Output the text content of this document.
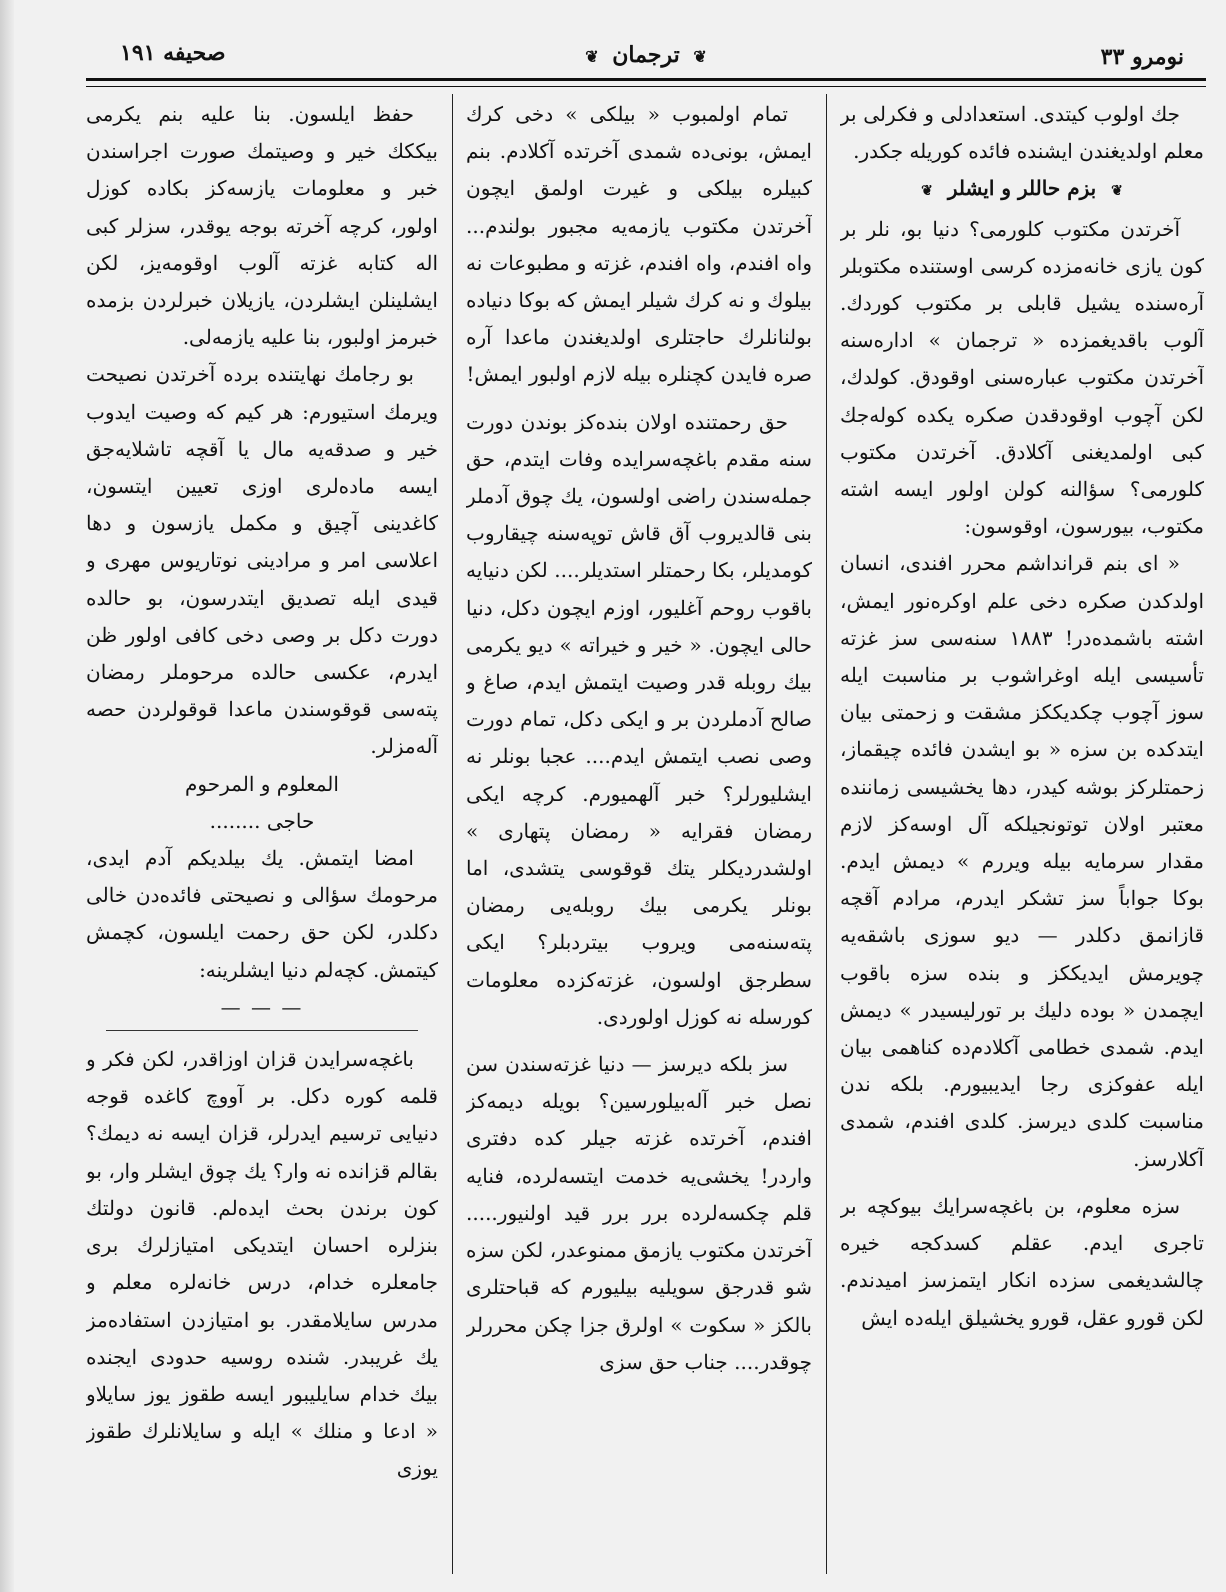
۱۹۱ صحیفه	❦ ترجمان ❦	نومرو ۳۳

جك اولوب كيتدى. استعدادلى و فكرلى بر معلم اولديغندن ايشنده فائده كوريله جكدر.

❦ بزم حاللر و ايشلر ❦

آخرتدن مكتوب كلورمى؟ دنيا بو، نلر بر كون يازى خانه‌مزده كرسى اوستنده مكتوبلر آره‌سنده يشيل قابلى بر مكتوب كوردك. آلوب باقديغمزده « ترجمان » اداره‌سنه آخرتدن مكتوب عباره‌سنى اوقودق. كولدك، لكن آچوب اوقودقدن صكره يكده كوله‌جك كبى اولمديغنى آكلادق. آخرتدن مكتوب كلورمى؟ سؤالنه كولن اولور ايسه اشته مكتوب، بيورسون، اوقوسون:

« اى بنم قرانداشم محرر افندى، انسان اولدكدن صكره دخى علم اوكره‌نور ايمش، اشته باشمده‌در! ۱۸۸۳ سنه‌سى سز غزته تأسيسى ايله اوغراشوب بر مناسبت ايله سوز آچوب چكديككز مشقت و زحمتى بيان ايتدكده بن سزه « بو ايشدن فائده چيقماز، زحمتلركز بوشه كيدر، دها يخشيسى زماننده معتبر اولان توتونجيلكه آل اوسه‌كز لازم مقدار سرمايه بيله ويررم » ديمش ايدم. بوكا جواباً سز تشكر ايدرم، مرادم آقچه قازانمق دكلدر — ديو سوزى باشقه‌يه چويرمش ايديككز و بنده سزه باقوب ايچمدن « بوده دليك بر تورليسيدر » ديمش ايدم. شمدى خطامى آكلادم‌ده كناهمى بيان ايله عفوكزى رجا ايديبيورم. بلكه ندن مناسبت كلدى ديرسز. كلدى افندم، شمدى آكلارسز.

سزه معلوم، بن باغچه‌سرايك بيوكچه بر تاجرى ايدم. عقلم كسدكجه خيره چالشديغمى سزده انكار ايتمزسز اميدندم. لكن قورو عقل، قورو يخشيلق ايله‌ده ايش

تمام اولمبوب « بيلكى » دخى كرك ايمش، بونى‌ده شمدى آخرتده آكلادم. بنم كبيلره بيلكى و غيرت اولمق ايچون آخرتدن مكتوب يازمه‌يه مجبور بولندم... واه افندم، واه افندم، غزته و مطبوعات نه بيلوك و نه كرك شيلر ايمش كه بوكا دنياده بولنانلرك حاجتلرى اولديغندن ماعدا آره صره فايدن كچنلره بيله لازم اولبور ايمش!

حق رحمتنده اولان بنده‌كز بوندن دورت سنه مقدم باغچه‌سرايده وفات ايتدم، حق جمله‌سندن راضى اولسون، يك چوق آدملر بنى قالديروب آق قاش توپه‌سنه چيقاروب كومديلر، بكا رحمتلر استديلر.... لكن دنيايه باقوب روحم آغليور، اوزم ايچون دكل، دنيا حالى ايچون. « خير و خيراته » ديو يكرمى بيك روبله قدر وصيت ايتمش ايدم، صاغ و صالح آدملردن بر و ايكى دكل، تمام دورت وصى نصب ايتمش ايدم.... عجبا بونلر نه ايشليورلر؟ خبر آلهميورم. كرچه ايكى رمضان فقرايه « رمضان پتهارى » اولشدرديكلر يتك قوقوسى يتشدى، اما بونلر يكرمى بيك روبله‌يى رمضان پته‌سنه‌مى ويروب بيتردبلر؟ ايكى سطرجق اولسون، غزته‌كزده معلومات كورسله نه كوزل اولوردى.

سز بلكه ديرسز — دنيا غزته‌سندن سن نصل خبر آله‌بيلورسين؟ بويله ديمه‌كز افندم، آخرتده غزته جيلر كده دفترى واردر! يخشى‌يه خدمت ايتسه‌لرده، فنايه قلم چكسه‌لرده برر برر قيد اولنيور..... آخرتدن مكتوب يازمق ممنوعدر، لكن سزه شو قدرجق سويليه بيليورم كه قباحتلرى بالكز « سكوت » اولرق جزا چكن محررلر چوقدر.... جناب حق سزى

حفظ ايلسون. بنا عليه بنم يكرمى بيككك خير و وصيتمك صورت اجراسندن خبر و معلومات يازسه‌كز بكاده كوزل اولور، كرچه آخرته بوجه يوقدر، سزلر كبى اله كتابه غزته آلوب اوقومه‌يز، لكن ايشلينلن ايشلردن، يازيلان خبرلردن بزمده خبرمز اولبور، بنا عليه يازمه‌لى.

بو رجامك نهايتنده برده آخرتدن نصيحت ويرمك استيورم: هر كيم كه وصيت ايدوب خير و صدقه‌يه مال يا آقچه تاشلايه‌جق ايسه ماده‌لرى اوزى تعيين ايتسون، كاغدينى آچيق و مكمل يازسون و دها اعلاسى امر و مرادينى نوتاريوس مهرى و قيدى ايله تصديق ايتدرسون، بو حالده دورت دكل بر وصى دخى كافى اولور ظن ايدرم، عكسى حالده مرحوملر رمضان پته‌سى قوقوسندن ماعدا قوقولردن حصه آله‌مزلر.

المعلوم و المرحوم

حاجى ........

امضا ايتمش. يك بيلديكم آدم ايدى، مرحومك سؤالى و نصيحتى فائده‌دن خالى دكلدر، لكن حق رحمت ايلسون، كچمش كيتمش. كچه‌لم دنيا ايشلرينه:

— — —

باغچه‌سرايدن قزان اوزاقدر، لكن فكر و قلمه كوره دكل. بر آووچ كاغده قوجه دنيايى ترسيم ايدرلر، قزان ايسه نه ديمك؟ بقالم قزانده نه وار؟ يك چوق ايشلر وار، بو كون برندن بحث ايده‌لم. قانون دولتك بنزلره احسان ايتديكى امتيازلرك برى جامعلره خدام، درس خانه‌لره معلم و مدرس سايلامقدر. بو امتيازدن استفاده‌مز يك غريبدر. شنده روسيه حدودى ايجنده بيك خدام سايليبور ايسه طقوز يوز سايلاو « ادعا و منلك » ايله و سايلانلرك طقوز يوزى
